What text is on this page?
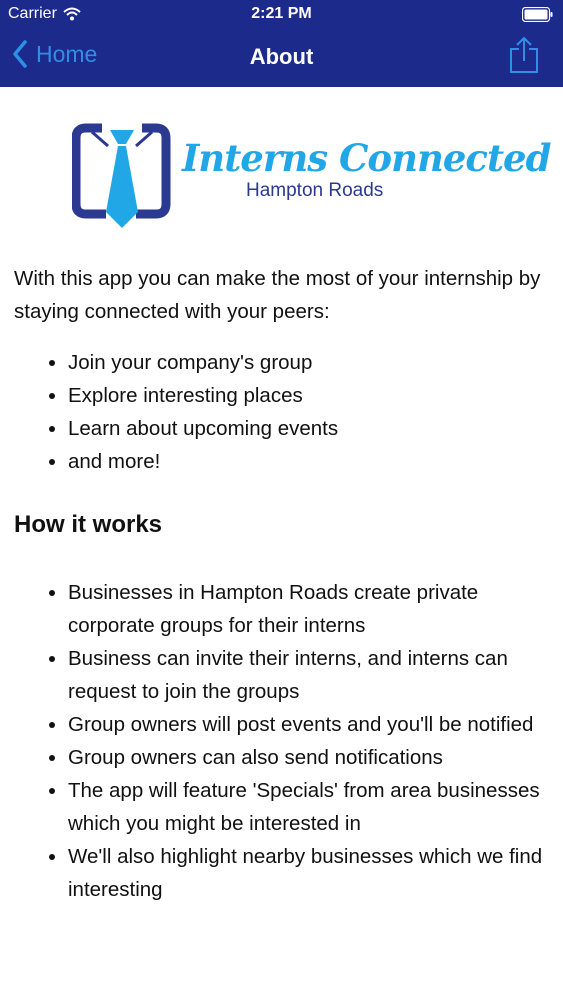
Carrier	2:21 PM
Home	About
Interns Connected
Hampton Roads

With this app you can make the most of your internship by staying connected with your peers:

• Join your company's group
• Explore interesting places
• Learn about upcoming events
• and more!
How it works
• Businesses in Hampton Roads create private corporate groups for their interns
• Business can invite their interns, and interns can request to join the groups
• Group owners will post events and you'll be notified
• Group owners can also send notifications
• The app will feature 'Specials' from area businesses which you might be interested in
• We'll also highlight nearby businesses which we find interesting
